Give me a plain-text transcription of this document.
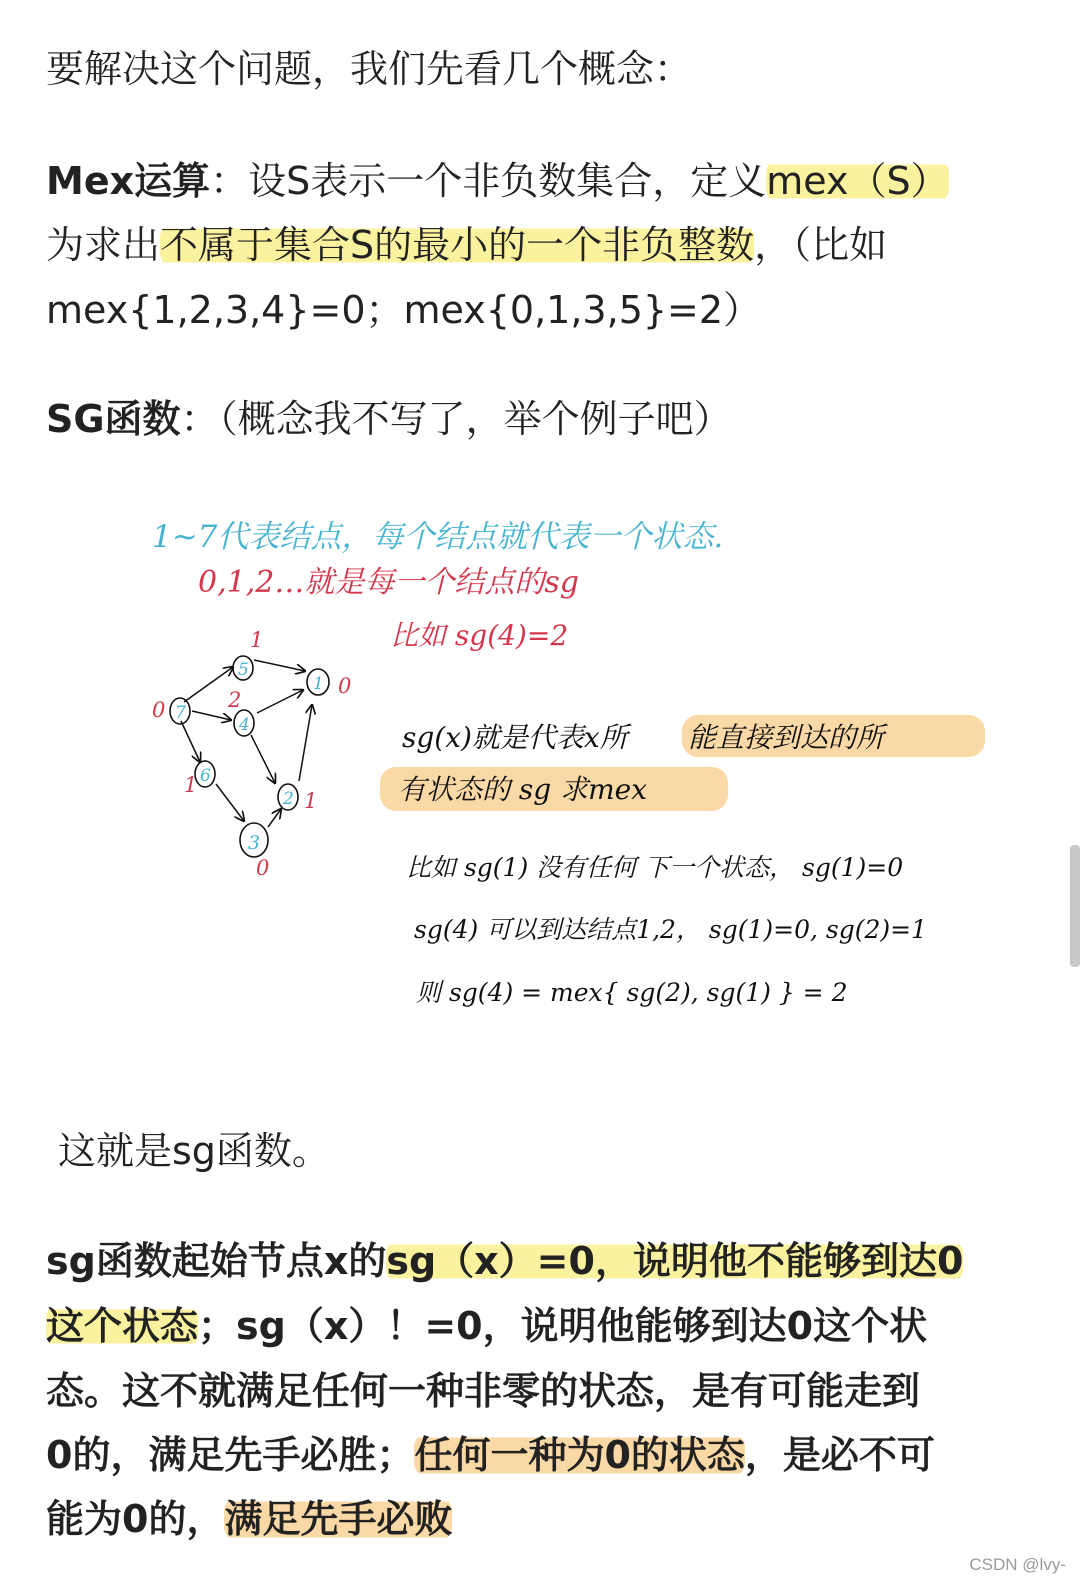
要解决这个问题，我们先看几个概念：

Mex运算：设S表示一个非负数集合，定义mex（S）

为求出不属于集合S的最小的一个非负整数，（比如

mex{1,2,3,4}=0；mex{0,1,3,5}=2）

SG函数：（概念我不写了，举个例子吧）

1~7代表结点，每个结点就代表一个状态.
0,1,2…就是每一个结点的sg
比如 sg(4)=2
7
0
5
1
1 0
4
2
6
1
2 1
3
0
sg(x)就是代表x所 能直接到达的所
有状态的 sg 求mex
比如 sg(1) 没有任何 下一个状态， sg(1)=0
sg(4) 可以到达结点1,2， sg(1)=0, sg(2)=1
则 sg(4) = mex{ sg(2), sg(1) } = 2

这就是sg函数。

sg函数起始节点x的sg（x）=0，说明他不能够到达0

这个状态；sg（x）！=0，说明他能够到达0这个状

态。这不就满足任何一种非零的状态，是有可能走到

0的，满足先手必胜；任何一种为0的状态，是必不可

能为0的，满足先手必败

CSDN @lvy-
